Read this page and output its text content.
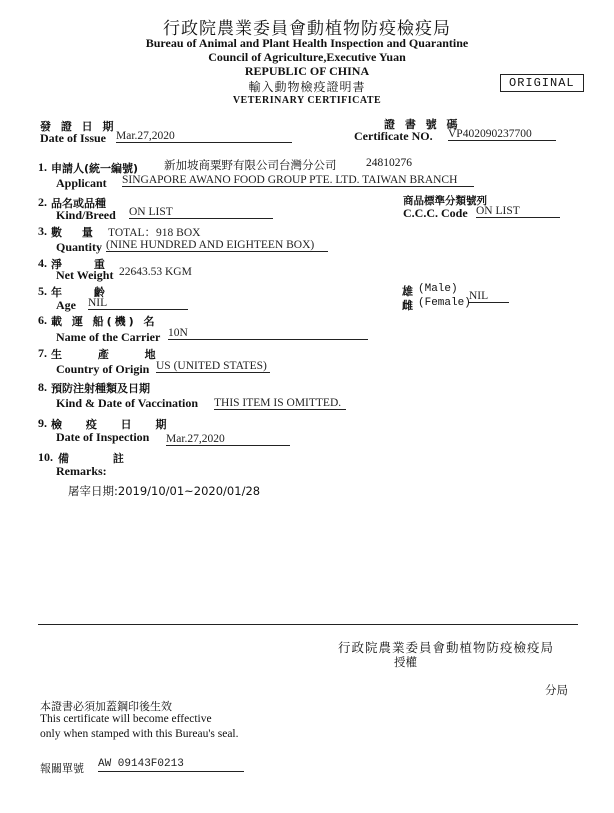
行政院農業委員會動植物防疫檢疫局
Bureau of Animal and Plant Health Inspection and Quarantine
Council of Agriculture,Executive Yuan
REPUBLIC OF CHINA
輸入動物檢疫證明書
VETERINARY CERTIFICATE
ORIGINAL
發 證 日 期
Date of Issue Mar.27,2020
證 書 號 碼
Certificate NO. VP402090237700
1. 申請人(統一編號) 新加坡商粟野有限公司台灣分公司	24810276
Applicant SINGAPORE AWANO FOOD GROUP PTE. LTD. TAIWAN BRANCH
2. 品名或品種
Kind/Breed ON LIST
商品標準分類號列
C.C.C. Code ON LIST
3. 數 量 TOTAL：918 BOX
Quantity (NINE HUNDRED AND EIGHTEEN BOX)
4. 淨 重
Net Weight 22643.53 KGM
5. 年 齡
Age NIL
雄 (Male)
雌 (Female)
NIL
6. 載 運 船(機) 名
Name of the Carrier 10N
7. 生 產 地
Country of Origin US (UNITED STATES)
8. 預防注射種類及日期
Kind & Date of Vaccination THIS ITEM IS OMITTED.
9. 檢 疫 日 期
Date of Inspection Mar.27,2020
10. 備 註
Remarks:
屠宰日期:2019/10/01~2020/01/28
行政院農業委員會動植物防疫檢疫局
授權
分局
本證書必須加蓋鋼印後生效
This certificate will become effective
only when stamped with this Bureau's seal.
報關單號 AW 09143F0213
